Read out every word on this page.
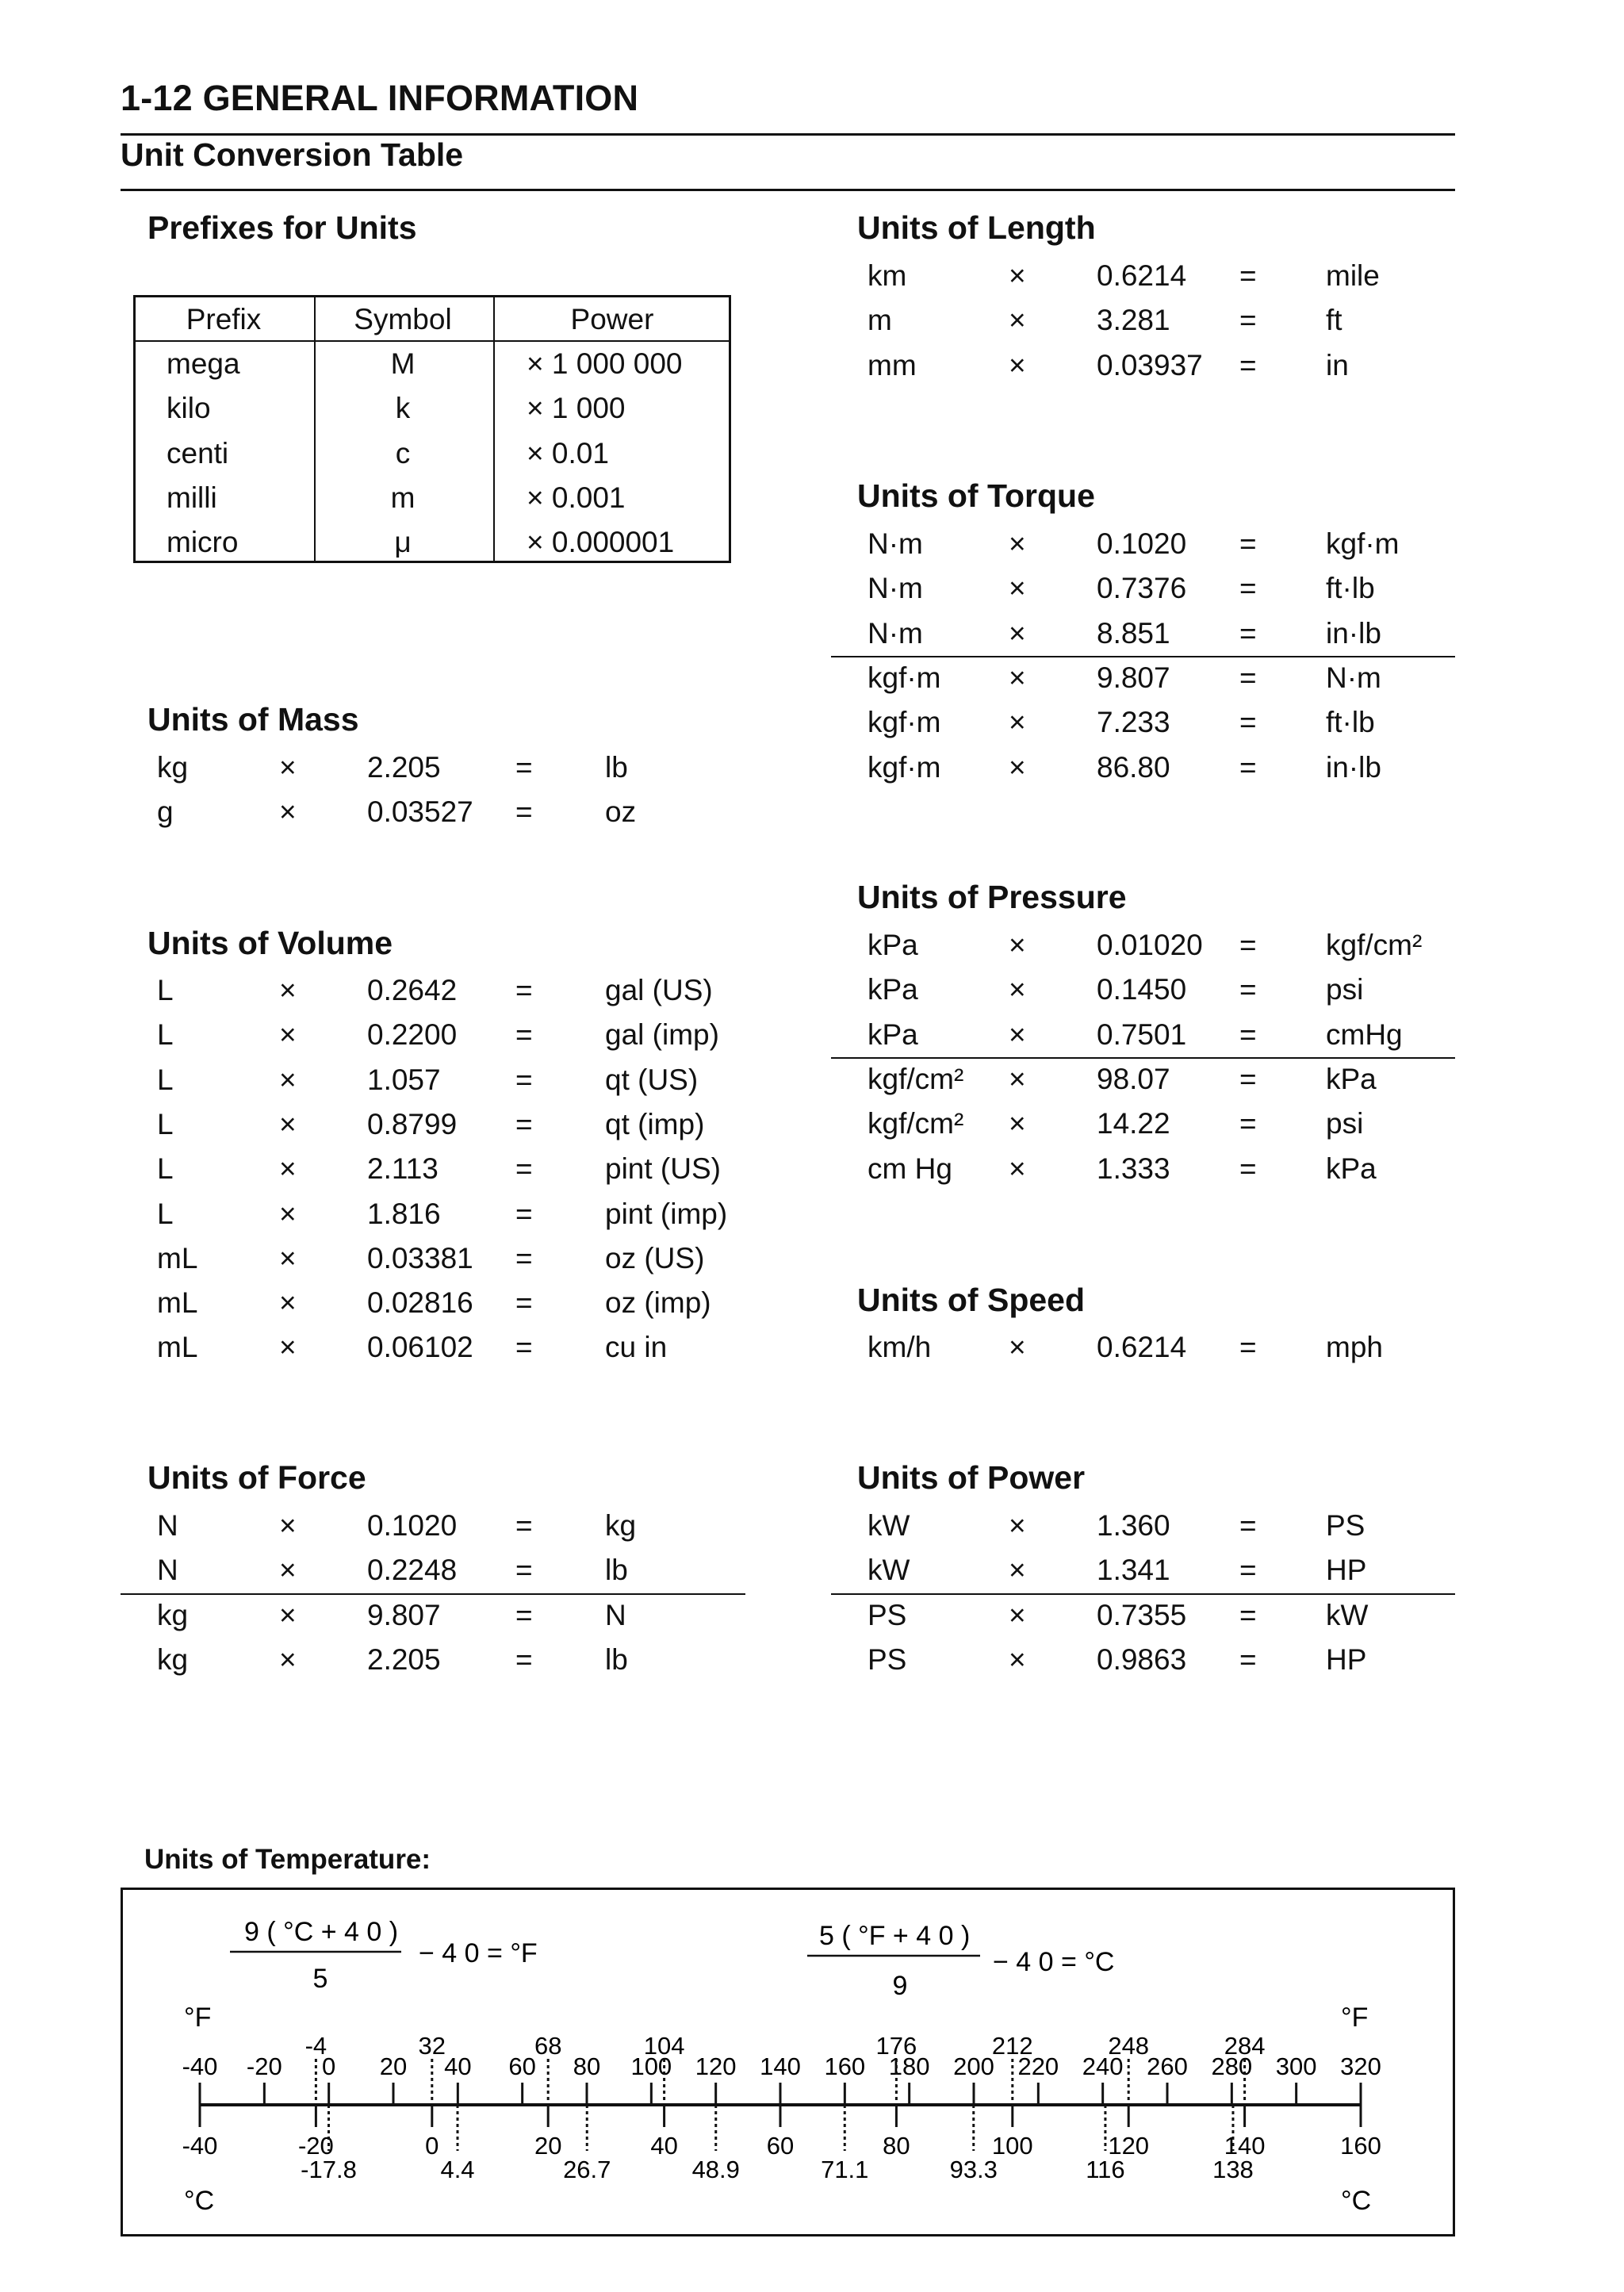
1-12 GENERAL INFORMATION
Unit Conversion Table
Prefixes for Units
Prefix	Symbol	Power
mega	M	× 1 000 000
kilo	k	× 1 000
centi	c	× 0.01
milli	m	× 0.001
micro	μ	× 0.000001
Units of Mass
kg	× 2.205	= lb
g	× 0.03527 = oz
Units of Volume
L	× 0.2642 = gal (US)
L	× 0.2200 = gal (imp)
L	× 1.057	= qt (US)
L	× 0.8799 = qt (imp)
L	× 2.113	= pint (US)
L	× 1.816	= pint (imp)
mL	× 0.03381 = oz (US)
mL	× 0.02816 = oz (imp)
mL	× 0.06102 = cu in
Units of Force
N	× 0.1020 = kg
N	× 0.2248 = lb
kg	× 9.807	= N
kg	× 2.205	= lb
Units of Length
km	× 0.6214 = mile
m	× 3.281 = ft
mm	× 0.03937 = in
Units of Torque
N·m	× 0.1020 = kgf·m
N·m	× 0.7376 = ft·lb
N·m	× 8.851 = in·lb
kgf·m × 9.807 = N·m
kgf·m × 7.233 = ft·lb
kgf·m × 86.80 = in·lb
Units of Pressure
kPa	× 0.01020 = kgf/cm²
kPa	× 0.1450 = psi
kPa	× 0.7501 = cmHg
kgf/cm² × 98.07 = kPa
kgf/cm² × 14.22 = psi
cm Hg × 1.333 = kPa
Units of Speed
km/h	× 0.6214 = mph
Units of Power
kW	× 1.360 = PS
kW	× 1.341 = HP
PS	× 0.7355 = kW
PS	× 0.9863 = HP
Units of Temperature:
9 ( °C + 4 0 )
5
− 4 0 = °F
5 ( °F + 4 0 )
9
− 4 0 = °C
°F	°F
°C	°C
-40 -20 0 20 40 60 80 100 120 140 160 180 200 220 240 260 280 300 320
-4	32	68	104	176	212	248	284
-40	-20	0	20	40	60	80	100	120	140	160
-17.8	4.4	26.7	48.9	71.1	93.3	116	138
